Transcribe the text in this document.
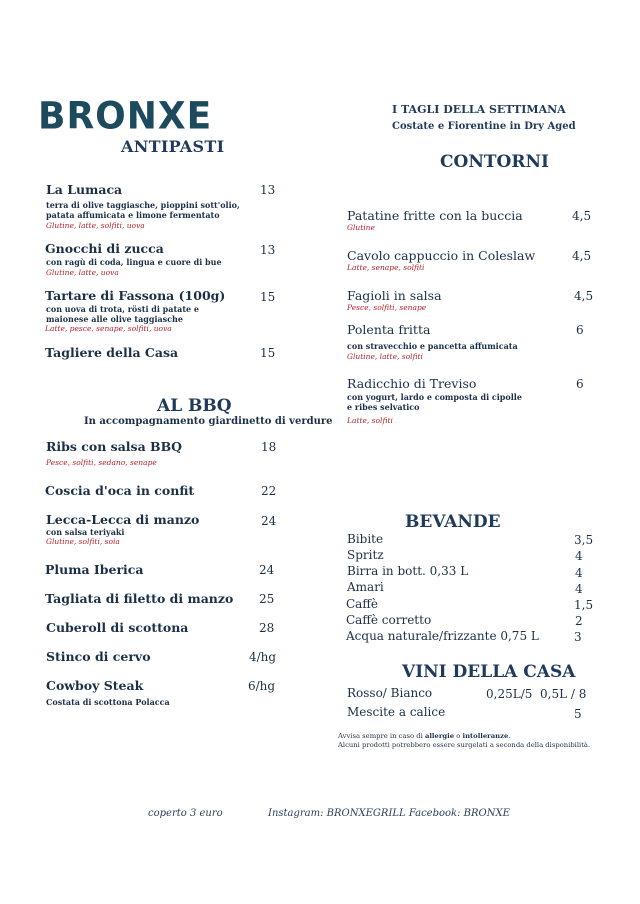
BRONXE
ANTIPASTI
La Lumaca	13
terra di olive taggiasche, pioppini sott'olio,
patata affumicata e limone fermentato
Glutine, latte, solfiti, uova
Gnocchi di zucca	13
con ragù di coda, lingua e cuore di bue
Glutine, latte, uova
Tartare di Fassona (100g)	15
con uova di trota, rösti di patate e
maionese alle olive taggiasche
Latte, pesce, senape, solfiti, uova
Tagliere della Casa	15
AL BBQ
In accompagnamento giardinetto di verdure
Ribs con salsa BBQ	18
Pesce, solfiti, sedano, senape
Coscia d'oca in confit	22
Lecca-Lecca di manzo	24
con salsa teriyaki
Glutine, solfiti, soia
Pluma Iberica	24
Tagliata di filetto di manzo 25
Cuberoll di scottona	28
Stinco di cervo	4/hg
Cowboy Steak	6/hg
Costata di scottona Polacca
I TAGLI DELLA SETTIMANA
Costate e Fiorentine in Dry Aged
CONTORNI
Patatine fritte con la buccia	4,5
Glutine
Cavolo cappuccio in Coleslaw	4,5
Latte, senape, solfiti
Fagioli in salsa	4,5
Pesce, solfiti, senape
Polenta fritta	6
con stravecchio e pancetta affumicata
Glutine, latte, solfiti
Radicchio di Treviso	6
con yogurt, lardo e composta di cipolle
e ribes selvatico
Latte, solfiti
BEVANDE
Bibite	3,5
Spritz	4
Birra in bott. 0,33 L	4
Amari	4
Caffè	1,5
Caffè corretto	2
Acqua naturale/frizzante 0,75 L	3
VINI DELLA CASA
Rosso/ Bianco	0,25L/5 0,5L / 8
Mescite a calice	5
Avvisa sempre in caso di allergie o intolleranze.
Alcuni prodotti potrebbero essere surgelati a seconda della disponibilità.
coperto 3 euro	Instagram: BRONXEGRILL Facebook: BRONXE
